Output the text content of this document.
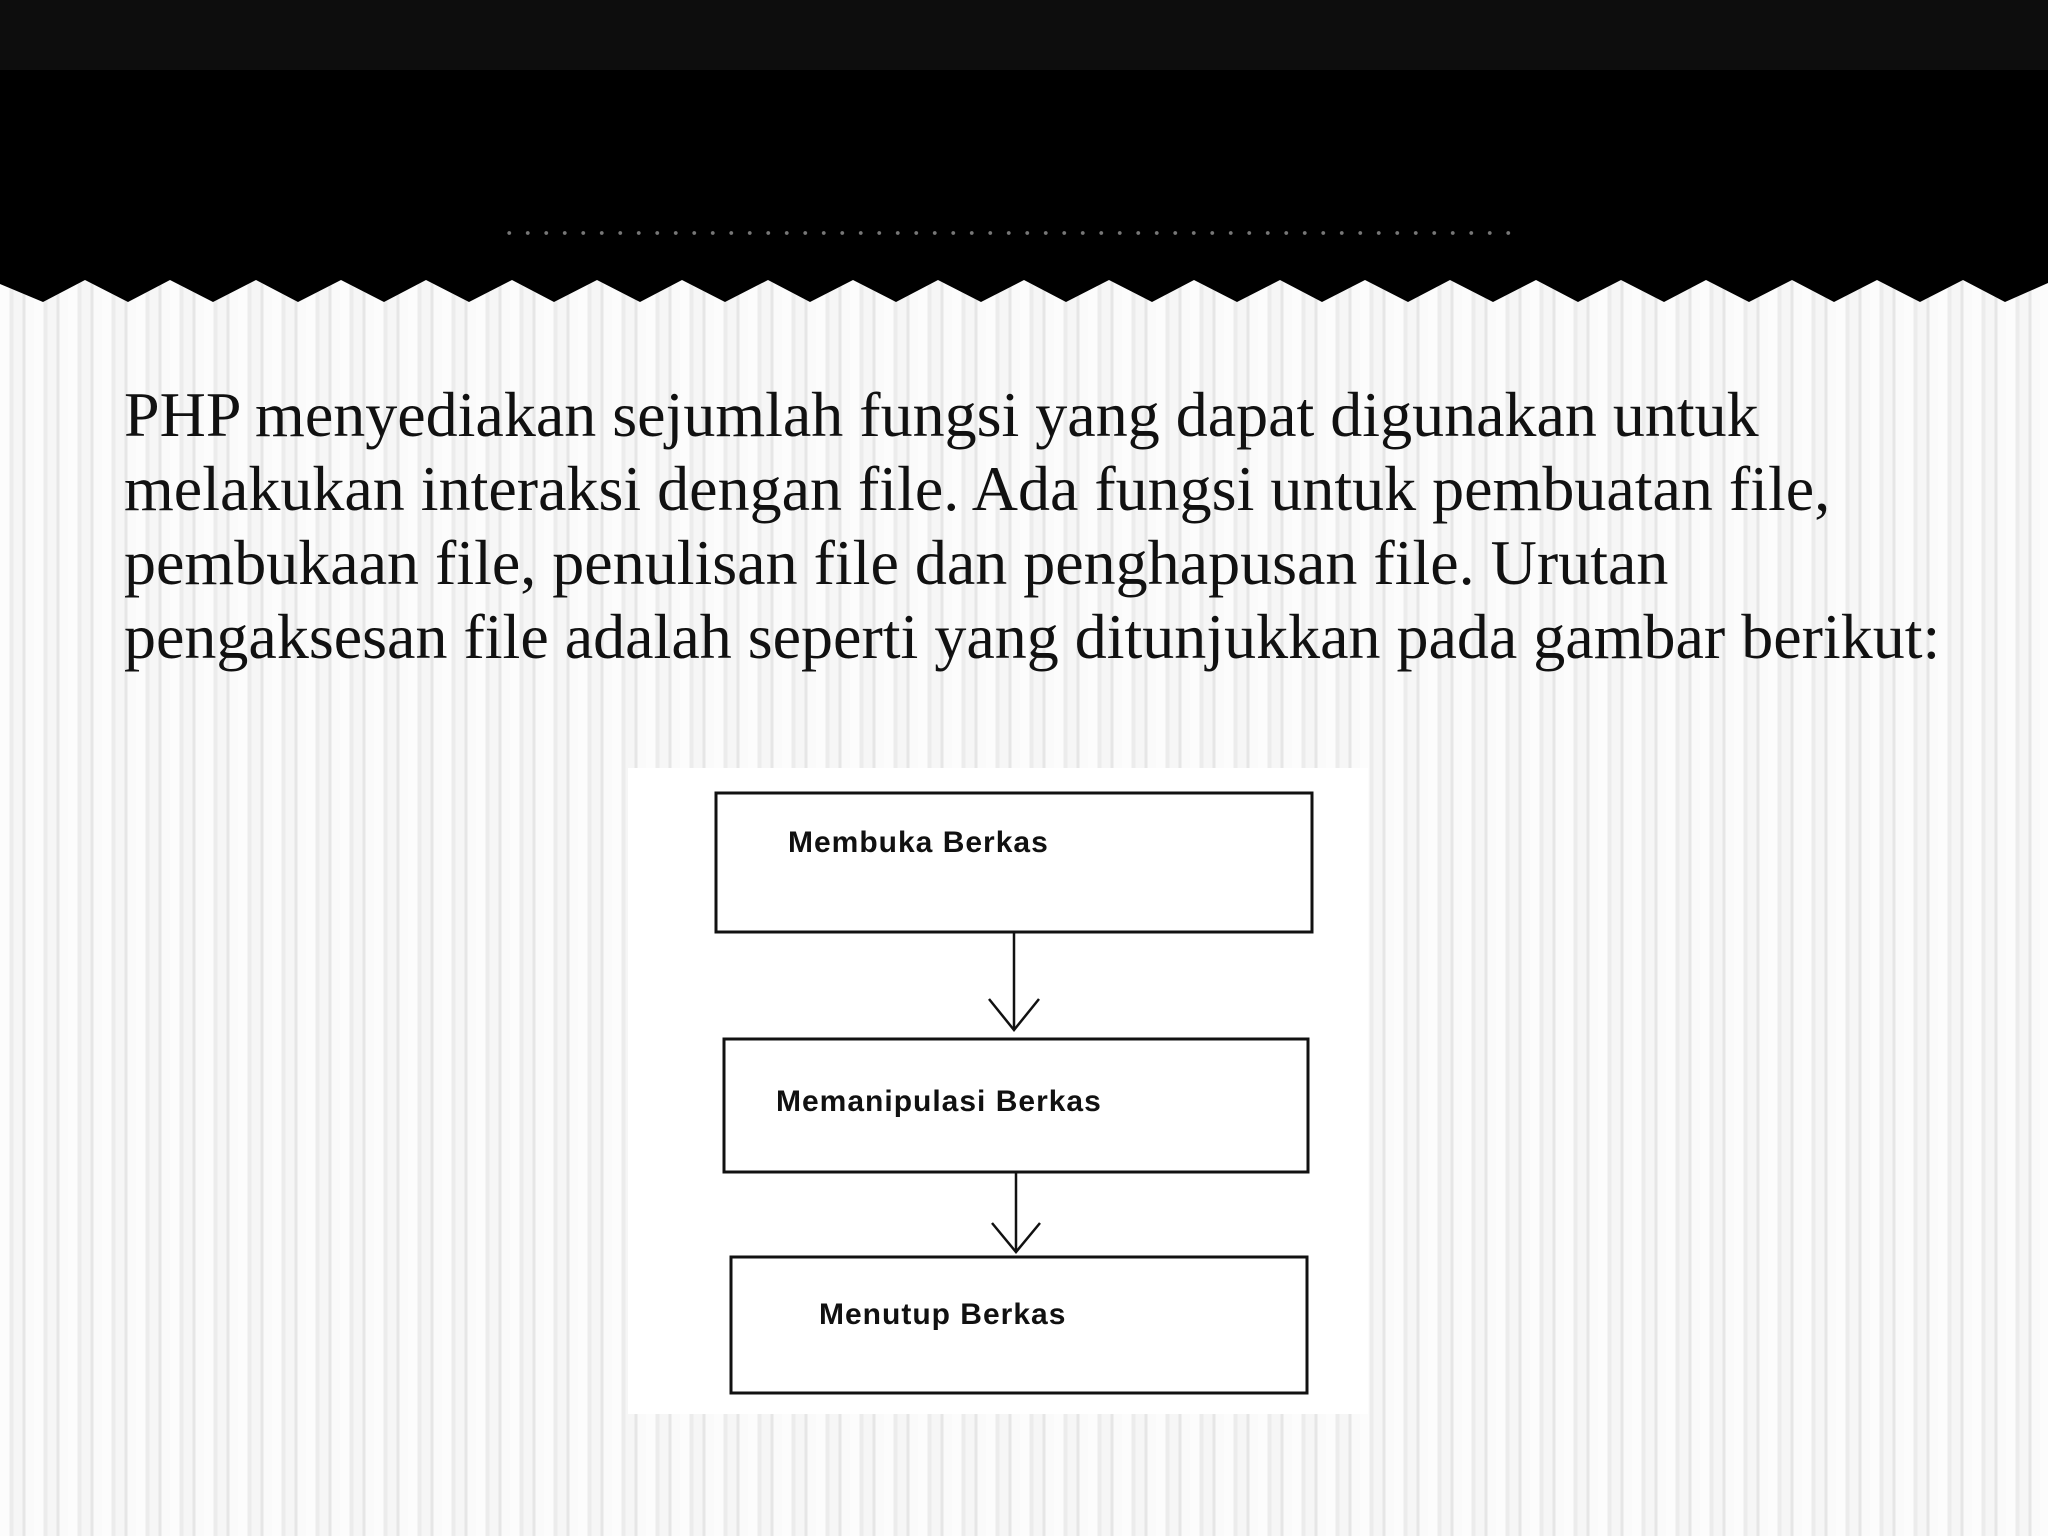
PHP menyediakan sejumlah fungsi yang dapat digunakan untuk melakukan interaksi dengan file. Ada fungsi untuk pembuatan file, pembukaan file, penulisan file dan penghapusan file. Urutan pengaksesan file adalah seperti yang ditunjukkan pada gambar berikut:

Membuka Berkas
Memanipulasi Berkas
Menutup Berkas
